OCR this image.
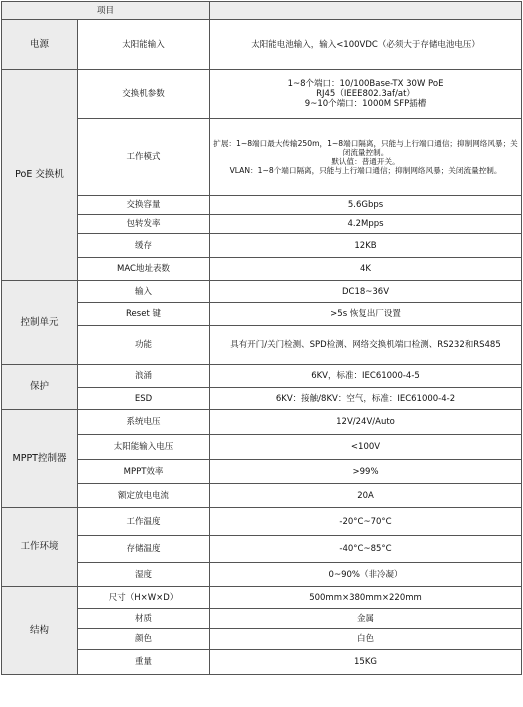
项目		
电源	太阳能输入	太阳能电池输入，输入<100VDC（必须大于存储电池电压）
PoE 交换机	交换机参数	1~8个端口：10/100Base-TX 30W PoE
RJ45（IEEE802.3af/at）
9~10个端口：1000M SFP插槽
	工作模式	扩展：1~8端口最大传输250m，1~8端口隔离，只能与上行端口通信；抑制网络风暴；关闭流量控制。
默认值：普通开关。
VLAN：1~8个端口隔离，只能与上行端口通信；抑制网络风暴；关闭流量控制。
	交换容量	5.6Gbps
	包转发率	4.2Mpps
	缓存	12KB
	MAC地址表数	4K
控制单元	输入	DC18~36V
	Reset 键	>5s 恢复出厂设置
	功能	具有开门/关门检测、SPD检测、网络交换机端口检测、RS232和RS485
保护	浪涌	6KV，标准：IEC61000-4-5
	ESD	6KV：接触/8KV：空气，标准：IEC61000-4-2
MPPT控制器	系统电压	12V/24V/Auto
	太阳能输入电压	<100V
	MPPT效率	>99%
	额定放电电流	20A
工作环境	工作温度	-20°C~70°C
	存储温度	-40°C~85°C
	湿度	0~90%（非冷凝）
结构	尺寸（H×W×D）	500mm×380mm×220mm
	材质	金属
	颜色	白色
	重量	15KG
